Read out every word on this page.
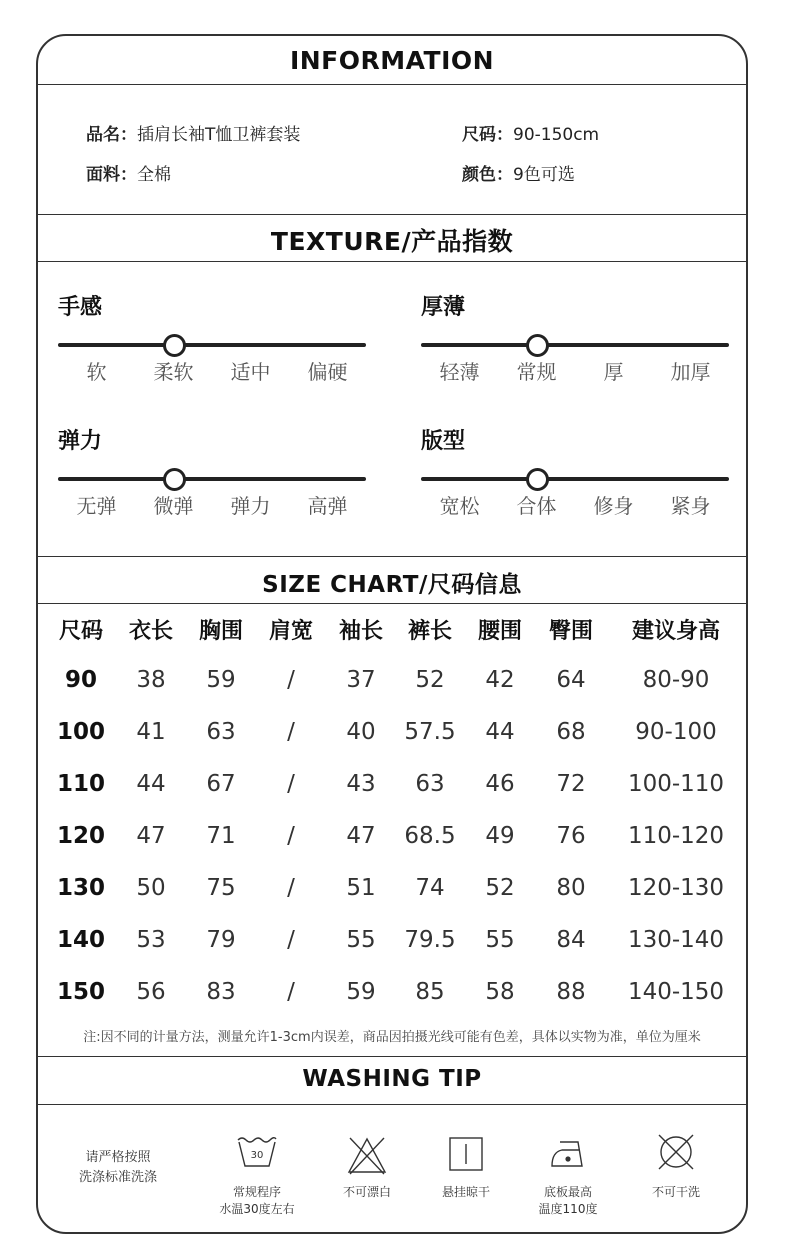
INFORMATION
品名：插肩长袖T恤卫裤套装	尺码：90-150cm
面料：全棉	颜色：9色可选
TEXTURE/产品指数
手感
软	柔软	适中	偏硬
厚薄
轻薄	常规	厚	加厚
弹力
无弹	微弹	弹力	高弹
版型
宽松	合体	修身	紧身
SIZE CHART/尺码信息
尺码	衣长	胸围	肩宽	袖长	裤长	腰围	臀围	建议身高
90	38	59	/	37	52	42	64	80-90
100	41	63	/	40	57.5	44	68	90-100
110	44	67	/	43	63	46	72	100-110
120	47	71	/	47	68.5	49	76	110-120
130	50	75	/	51	74	52	80	120-130
140	53	79	/	55	79.5	55	84	130-140
150	56	83	/	59	85	58	88	140-150
注:因不同的计量方法，测量允许1-3cm内误差，商品因拍摄光线可能有色差，具体以实物为准，单位为厘米
WASHING TIP
请严格按照
洗涤标准洗涤
30
常规程序
水温30度左右
不可漂白	悬挂晾干	底板最高
温度110度
不可干洗
